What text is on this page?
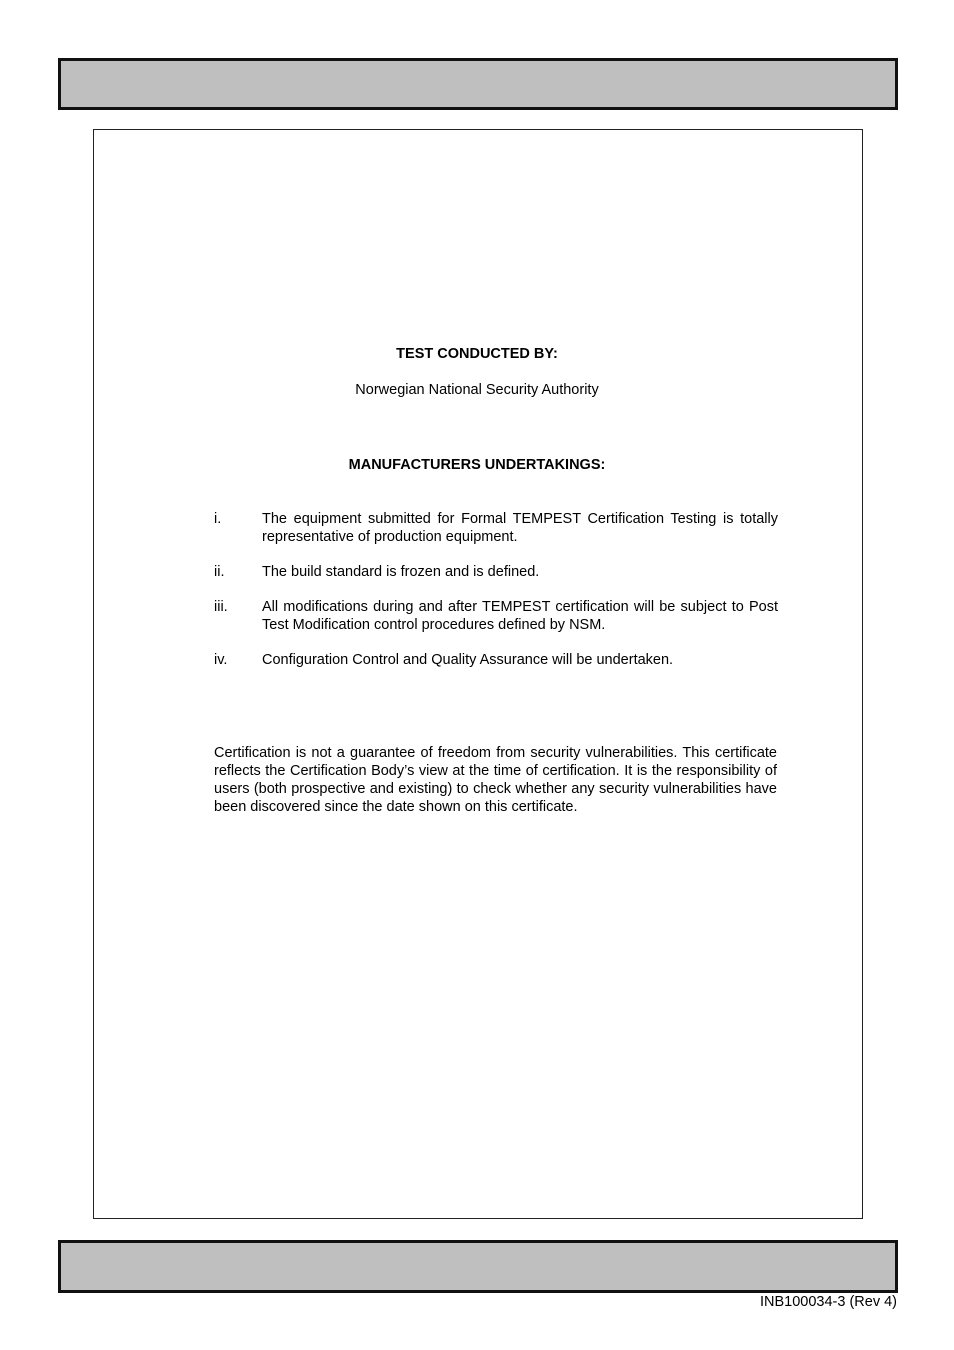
TEST CONDUCTED BY:
Norwegian National Security Authority
MANUFACTURERS UNDERTAKINGS:
i.	The equipment submitted for Formal TEMPEST Certification Testing is totally representative of production equipment.
ii.	The build standard is frozen and is defined.
iii. All modifications during and after TEMPEST certification will be subject to Post Test Modification control procedures defined by NSM.
iv. Configuration Control and Quality Assurance will be undertaken.

Certification is not a guarantee of freedom from security vulnerabilities. This certificate reflects the Certification Body’s view at the time of certification. It is the responsibility of users (both prospective and existing) to check whether any security vulnerabilities have been discovered since the date shown on this certificate.

INB100034-3 (Rev 4)
